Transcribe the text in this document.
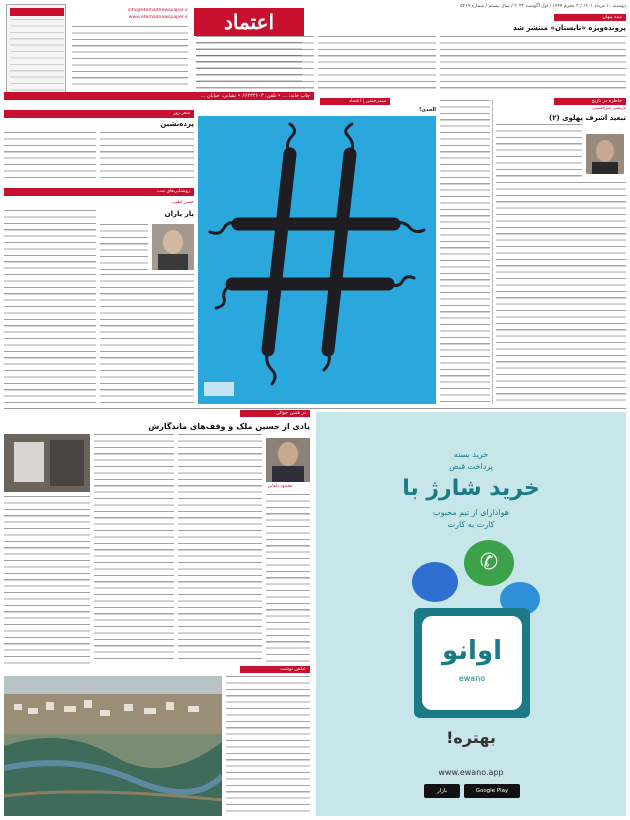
اعتماد
info@etemadnewspaper.ir
www.etemadnewspaper.ir
چاپ خانه: ... • تلفن: ۶۶۴۳۴۶۰۳ • نشانی: خیابان ...
دوشنبه ۱۰ مرداد ۱۴۰۱ / ۳ محرم ۱۴۴۴ / اول آگوست ۲۰۲۲ / سال بیستم / شماره ۵۲۶۹
نیمه پنهان
پرونده‌ویژه «تابستان» منتشر شد
خاطره در تاریخ
مرتضی میرحسینی
تبعید اشرف پهلوی (۲)
سمرحسن | اعتماد
الحدی!
شعر روز
پرده‌نشین
روشنایی‌های شب
حسن لطفی
بار یاران
در همین حوالی
یادی از حسین ملک و وقف‌های ماندگارش
محمود دلفانی
عکس نوشت
خرید بسته
پرداخت قبض
خرید شارژ با
هوادارای از تیم محبوب
کارت به کارت
✆
اوانو
ewano
بهتره!
www.ewano.app
Google Play
بازار
